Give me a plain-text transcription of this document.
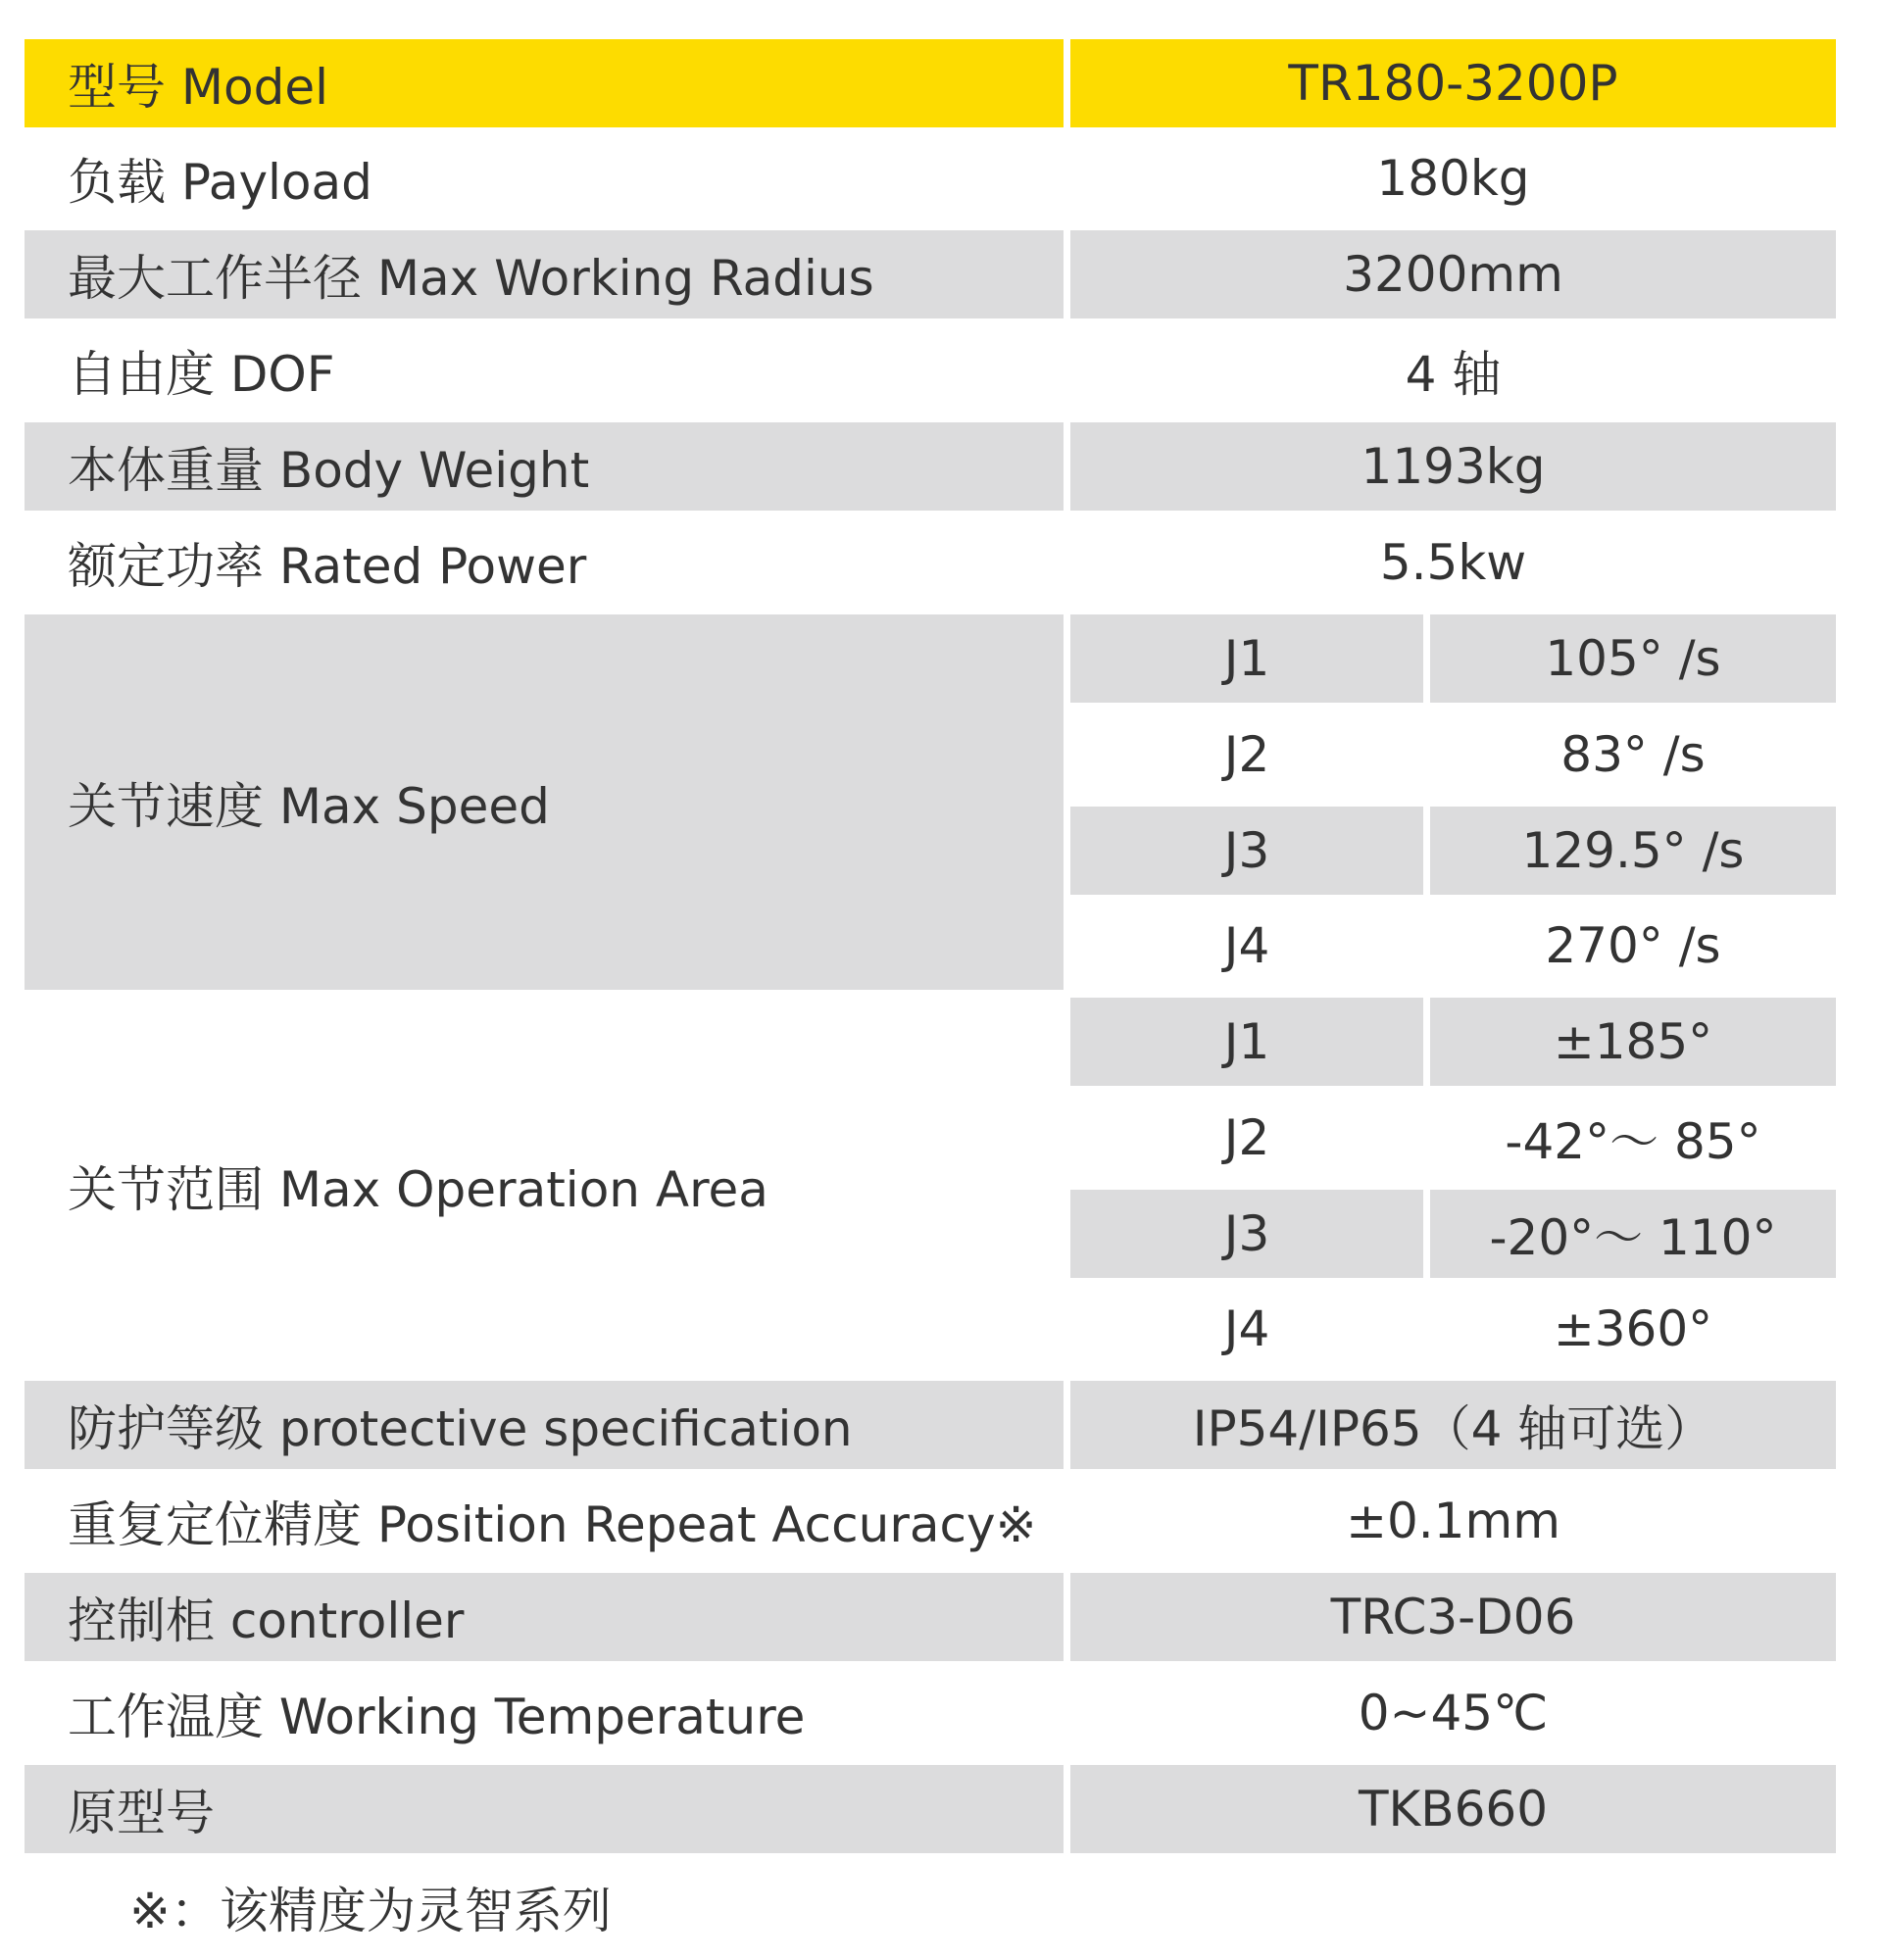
型号 Model	TR180-3200P
负载 Payload	180kg
最大工作半径 Max Working Radius	3200mm
自由度 DOF	4 轴
本体重量 Body Weight	1193kg
额定功率 Rated Power	5.5kw
关节速度 Max Speed
J1	105° /s
J2	83° /s
J3	129.5° /s
J4	270° /s
关节范围 Max Operation Area
J1	±185°
J2	-42°～ 85°
J3	-20°～ 110°
J4	±360°
防护等级 protective specification	IP54/IP65（4 轴可选）
重复定位精度 Position Repeat Accuracy※	±0.1mm
控制柜 controller	TRC3-D06
工作温度 Working Temperature	0~45℃
原型号	TKB660
※：该精度为灵智系列
